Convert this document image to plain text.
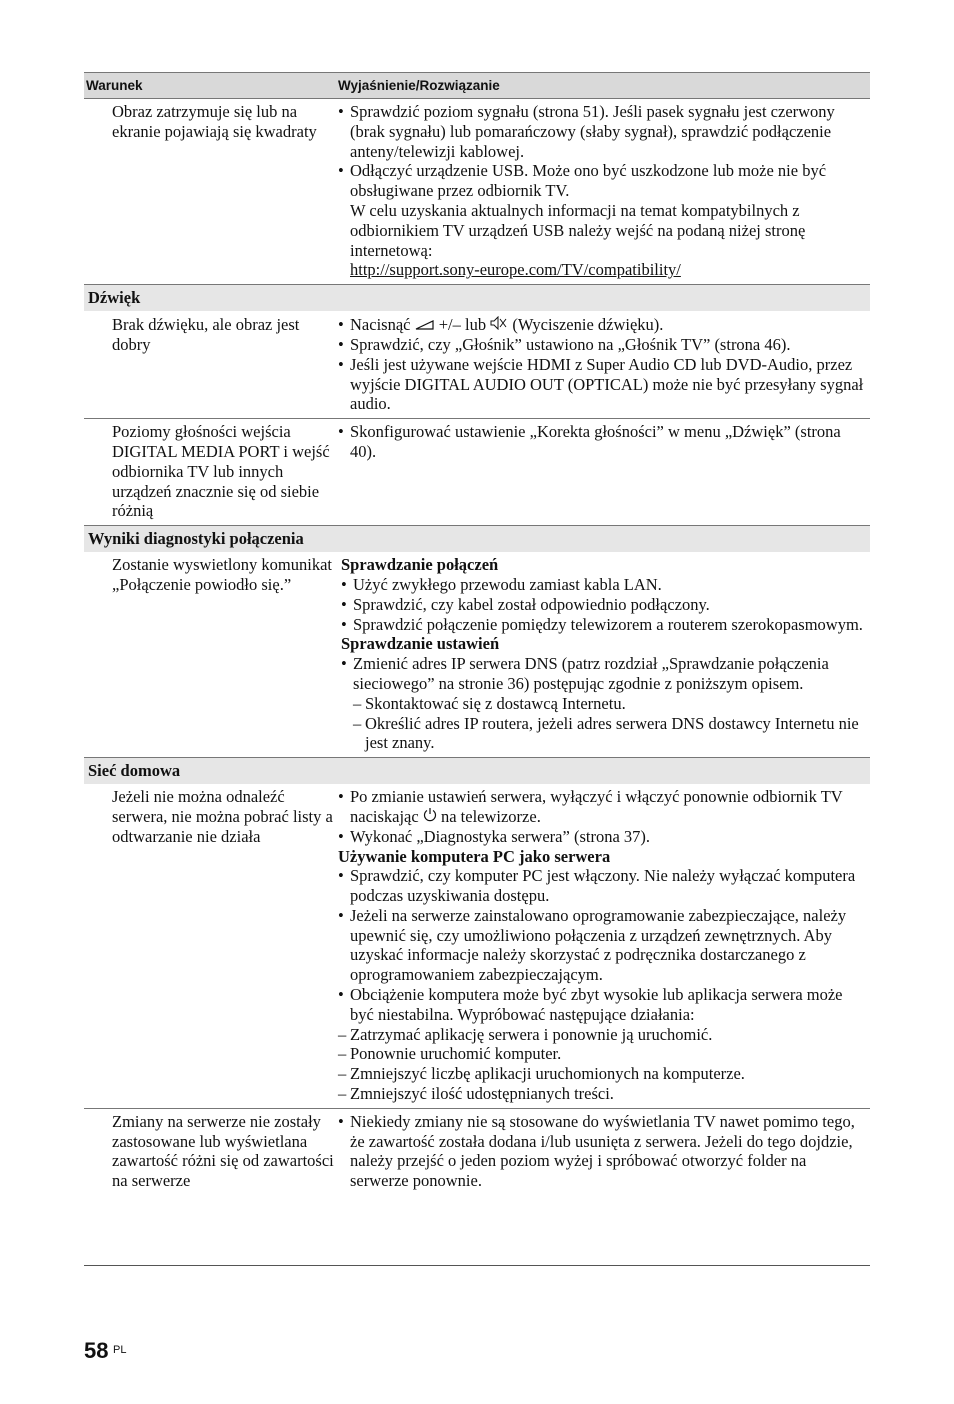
Warunek	Wyjaśnienie/Rozwiązanie
Obraz zatrzymuje się lub na ekranie pojawiają się kwadraty
• Sprawdzić poziom sygnału (strona 51). Jeśli pasek sygnału jest czerwony (brak sygnału) lub pomarańczowy (słaby sygnał), sprawdzić podłączenie anteny/telewizji kablowej.
• Odłączyć urządzenie USB. Może ono być uszkodzone lub może nie być obsługiwane przez odbiornik TV.
W celu uzyskania aktualnych informacji na temat kompatybilnych z odbiornikiem TV urządzeń USB należy wejść na podaną niżej stronę internetową:
http://support.sony-europe.com/TV/compatibility/
Dźwięk
Brak dźwięku, ale obraz jest dobry
• Nacisnąć +/– lub (Wyciszenie dźwięku).
• Sprawdzić, czy „Głośnik” ustawiono na „Głośnik TV” (strona 46).
• Jeśli jest używane wejście HDMI z Super Audio CD lub DVD-Audio, przez wyjście DIGITAL AUDIO OUT (OPTICAL) może nie być przesyłany sygnał audio.
Poziomy głośności wejścia DIGITAL MEDIA PORT i wejść odbiornika TV lub innych urządzeń znacznie się od siebie różnią
• Skonfigurować ustawienie „Korekta głośności” w menu „Dźwięk” (strona 40).
Wyniki diagnostyki połączenia
Zostanie wyswietlony komunikat „Połączenie powiodło się.”
Sprawdzanie połączeń
• Użyć zwykłego przewodu zamiast kabla LAN.
• Sprawdzić, czy kabel został odpowiednio podłączony.
• Sprawdzić połączenie pomiędzy telewizorem a routerem szerokopasmowym.
Sprawdzanie ustawień
• Zmienić adres IP serwera DNS (patrz rozdział „Sprawdzanie połączenia sieciowego” na stronie 36) postępując zgodnie z poniższym opisem.
– Skontaktować się z dostawcą Internetu.
– Określić adres IP routera, jeżeli adres serwera DNS dostawcy Internetu nie jest znany.
Sieć domowa
Jeżeli nie można odnaleźć serwera, nie można pobrać listy a odtwarzanie nie działa
• Po zmianie ustawień serwera, wyłączyć i włączyć ponownie odbiornik TV naciskając na telewizorze.
• Wykonać „Diagnostyka serwera” (strona 37).
Używanie komputera PC jako serwera
• Sprawdzić, czy komputer PC jest włączony. Nie należy wyłączać komputera podczas uzyskiwania dostępu.
• Jeżeli na serwerze zainstalowano oprogramowanie zabezpieczające, należy upewnić się, czy umożliwiono połączenia z urządzeń zewnętrznych. Aby uzyskać informacje należy skorzystać z podręcznika dostarczanego z oprogramowaniem zabezpieczającym.
• Obciążenie komputera może być zbyt wysokie lub aplikacja serwera może być niestabilna. Wypróbować następujące działania:
– Zatrzymać aplikację serwera i ponownie ją uruchomić.
– Ponownie uruchomić komputer.
– Zmniejszyć liczbę aplikacji uruchomionych na komputerze.
– Zmniejszyć ilość udostępnianych treści.
Zmiany na serwerze nie zostały zastosowane lub wyświetlana zawartość różni się od zawartości na serwerze
• Niekiedy zmiany nie są stosowane do wyświetlania TV nawet pomimo tego, że zawartość została dodana i/lub usunięta z serwera. Jeżeli do tego dojdzie, należy przejść o jeden poziom wyżej i spróbować otworzyć folder na serwerze ponownie.
58 PL
